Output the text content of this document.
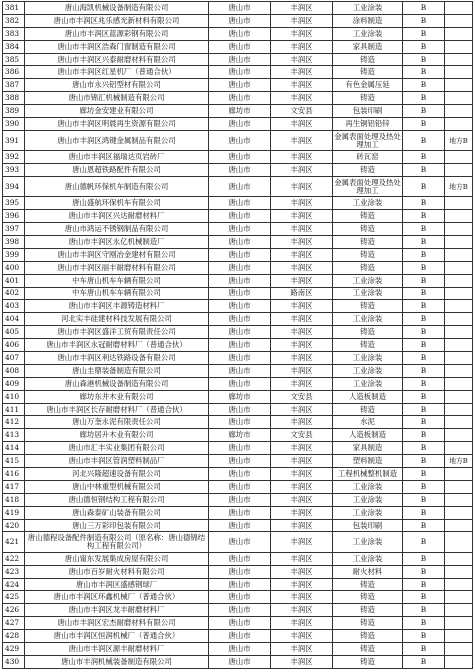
381	唐山海凯机械设备制造有限公司	唐山市	丰润区	工业涂装	B	
382	唐山市丰润区兆乐感光新材料有限公司	唐山市	丰润区	涂料制造	B	
383	唐山市丰润区蓝源彩钢有限公司	唐山市	丰润区	工业涂装	B	
384	唐山市丰润区浩森门窗制造有限公司	唐山市	丰润区	家具制造	B	
385	唐山市丰润区兴泰耐磨材料有限公司	唐山市	丰润区	铸造	B	
386	唐山市丰润区红星机厂（普通合伙）	唐山市	丰润区	铸造	B	
387	唐山市永兴铝型材有限公司	唐山市	丰润区	有色金属压延	B	
388	唐山市锦汇机械制造有限公司	唐山市	丰润区	铸造	B	
389	廊坊金安建业有限公司	廊坊市	文安县	包装印刷	B	
390	唐山市丰润区明晨再生资源有限公司	唐山市	丰润区	再生铜铝铅锌	B	
391	唐山市丰润区鸿键金属制品有限公司	唐山市	丰润区	金属表面处理及热处理加工	B	地方B
392	唐山市丰润区福瑞达页岩砖厂	唐山市	丰润区	砖瓦窑	B	
393	唐山恩超铁路配件有限公司	唐山市	丰润区	铸造	B	
394	唐山德帆环保机车制造有限公司	唐山市	丰润区	金属表面处理及热处理加工	B	地方B
395	唐山盛航环保机车有限公司	唐山市	丰润区	工业涂装	B	
396	唐山市丰润区兴达耐磨材料厂	唐山市	丰润区	铸造	B	
397	唐山市鸿运不锈钢制品有限公司	唐山市	丰润区	铸造	B	
398	唐山市丰润区永亿机械制造厂	唐山市	丰润区	铸造	B	
399	唐山市丰润区守刚冶金建材有限公司	唐山市	丰润区	铸造	B	
400	唐山市丰润区丽丰耐磨材料有限公司	唐山市	丰润区	铸造	B	
401	中车唐山机车车辆有限公司	唐山市	丰润区	工业涂装	B	
402	中车唐山机车车辆有限公司	唐山市	路南区	工业涂装	B	
403	唐山市丰润区丰源铸造材料厂	唐山市	丰润区	铸造	B	
404	河北实丰硅建材科技发展有限公司	唐山市	丰润区	工业涂装	B	
405	唐山市丰润区盛洋工贸有限责任公司	唐山市	丰润区	铸造	B	
406	唐山市丰润区永冠耐磨材料厂（普通合伙）	唐山市	丰润区	铸造	B	
407	唐山市丰润区利达铁路设备有限公司	唐山市	丰润区	工业涂装	B	
408	唐山圭鼎装备制造有限公司	唐山市	丰润区	工业涂装	B	
409	唐山森港机械设备制造有限公司	唐山市	丰润区	工业涂装	B	
410	廊坊东井木业有限公司	廊坊市	文安县	人造板制造	B	
411	唐山市丰润区长存耐磨材料厂（普通合伙）	唐山市	丰润区	铸造	B	
412	唐山万奎永泥有限责任公司	唐山市	丰润区	水泥	B	
413	廊坊居升木业有限公司	廊坊市	文安县	人造板制造	B	
414	唐山市汇丰实业集团有限公司	唐山市	丰润区	家具制造	B	
415	唐山市丰润区管润塑料制品厂	唐山市	丰润区	塑料制造	B	地方B
416	河北兴隆超速设备有限公司	唐山市	丰润区	工程机械整机制造	B	
417	唐山中林重型机械有限公司	唐山市	丰润区	工业涂装	B	
418	唐山德恒钢结构工程有限公司	唐山市	丰润区	工业涂装	B	
419	唐山森泰矿山装备有限公司	唐山市	丰润区	工业涂装	B	
420	唐山三万彩印包装有限公司	唐山市	丰润区	包装印刷	B	
421	唐山德程设备配件制造有限公司（原名称：唐山德锦结构工程有限公司）	唐山市	丰润区	工业涂装	B	
422	唐山甯东发展集成房屋有限公司	唐山市	丰润区	工业涂装	B	
423	唐山市百岁耐火材料有限公司	唐山市	丰润区	耐火材料	B	
424	唐山市丰润区盛感钢球厂	唐山市	丰润区	铸造	B	
425	唐山市丰润区环鑫机械厂（普通合伙）	唐山市	丰润区	铸造	B	
426	唐山市丰润区龙丰耐磨材料厂	唐山市	丰润区	铸造	B	
427	唐山市丰润区宏杰耐磨材料有限公司	唐山市	丰润区	铸造	B	
428	唐山市丰润区恒润机械厂（普通合伙）	唐山市	丰润区	铸造	B	
429	唐山市丰润区源丰耐磨材料厂	唐山市	丰润区	铸造	B	
430	唐山市丰润机械装备制造有限公司	唐山市	丰润区	铸造	B	
